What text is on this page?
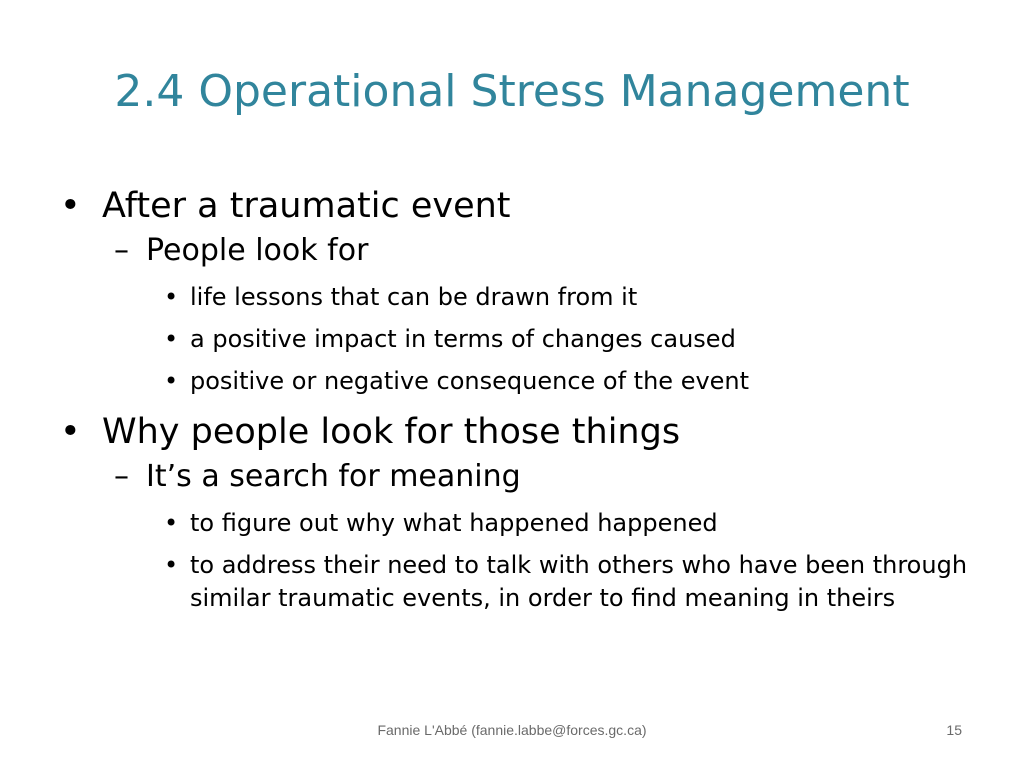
2.4 Operational Stress Management
• After a traumatic event
– People look for
• life lessons that can be drawn from it
• a positive impact in terms of changes caused
• positive or negative consequence of the event
• Why people look for those things
– It’s a search for meaning
• to figure out why what happened happened
• to address their need to talk with others who have been through similar traumatic events, in order to find meaning in theirs
Fannie L'Abbé (fannie.labbe@forces.gc.ca)	15
